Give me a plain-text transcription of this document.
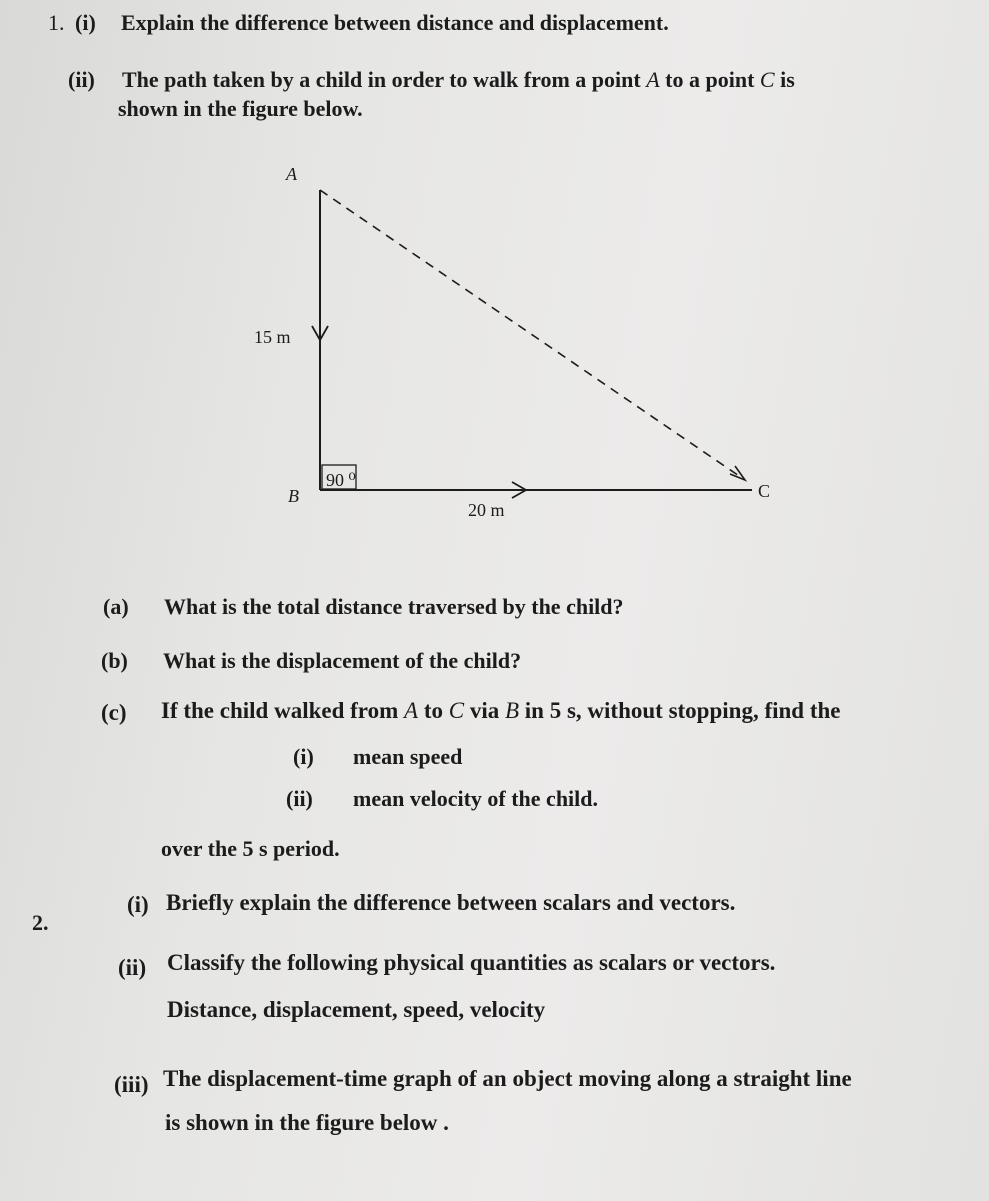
1. (i) Explain the difference between distance and displacement.
(ii) The path taken by a child in order to walk from a point A to a point C is
shown in the figure below.
A
15 m
90 ⁰
B	C
20 m
(a) What is the total distance traversed by the child?
(b) What is the displacement of the child?
(c) If the child walked from A to C via B in 5 s, without stopping, find the
(i) mean speed
(ii) mean velocity of the child.
over the 5 s period.
2.
(i) Briefly explain the difference between scalars and vectors.
(ii) Classify the following physical quantities as scalars or vectors.
Distance, displacement, speed, velocity
(iii) The displacement-time graph of an object moving along a straight line
is shown in the figure below .
